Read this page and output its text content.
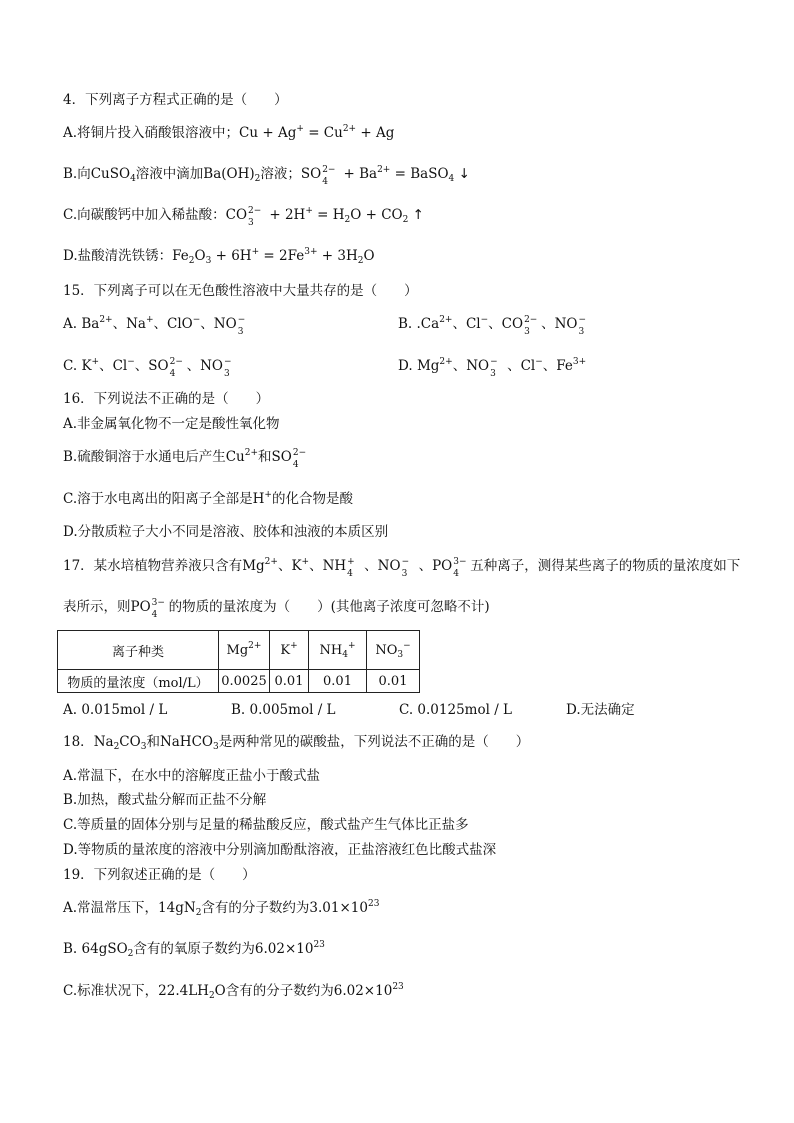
4．下列离子方程式正确的是（　　）
A.将铜片投入硝酸银溶液中；$Cu + Ag^+ = Cu^{2+} + Ag$
B.向CuSO$_4$溶液中滴加$Ba(OH)_2$溶液；SO 2−
$4 + Ba^{2+}$ = BaSO$_4$ ↓
C.向碳酸钙中加入稀盐酸：CO 2−
$3 + 2H^+ = H_2O + CO_2$ ↑
D.盐酸清洗铁锈：$Fe_2O_3 + 6H^+ = 2Fe^{3+} + 3H_2O$
15．下列离子可以在无色酸性溶液中大量共存的是（　　）
A. $Ba^{2+}$、Na+、ClO−、NO −
3	B. $.Ca^{2+}$、Cl−、CO 2−
3 、NO −
3
C. K+、Cl−、SO 2−
4 、NO −
3	D. $Mg^{2+}$、NO −
3 、Cl−、$Fe^{3+}$
16．下列说法不正确的是（　　）
A.非金属氧化物不一定是酸性氧化物
B.硫酸铜溶于水通电后产生$Cu^{2+}$和SO 2−
4
C.溶于水电离出的阳离子全部是H+的化合物是酸
D.分散质粒子大小不同是溶液、胶体和浊液的本质区别
17．某水培植物营养液只含有$Mg^{2+}$、K+、NH +
4 、NO −
3 、PO 3−
4 五种离子，测得某些离子的物质的量浓度如下
表所示，则PO 3−
4 的物质的量浓度为（　　）(其他离子浓度可忽略不计)
离子种类	$Mg^{2+}$	K+	$NH_4^+$	$NO_3^-$
物质的量浓度（mol/L）	0.0025	0.01	0.01	0.01
A. 0.015mol / L	B. 0.005mol / L	C. 0.0125mol / L	D.无法确定
18．$Na_2CO_3$和NaHCO$_3$是两种常见的碳酸盐，下列说法不正确的是（　　）
A.常温下，在水中的溶解度正盐小于酸式盐
B.加热，酸式盐分解而正盐不分解
C.等质量的固体分别与足量的稀盐酸反应，酸式盐产生气体比正盐多
D.等物质的量浓度的溶液中分别滴加酚酞溶液，正盐溶液红色比酸式盐深
19．下列叙述正确的是（　　）
A.常温常压下，$14gN_2$含有的分子数约为$3.01\times 10^{23}$
B. 64gSO$_2$含有的氧原子数约为$6.02\times 10^{23}$
C.标准状况下，$22.4LH_2O$含有的分子数约为$6.02\times 10^{23}$
